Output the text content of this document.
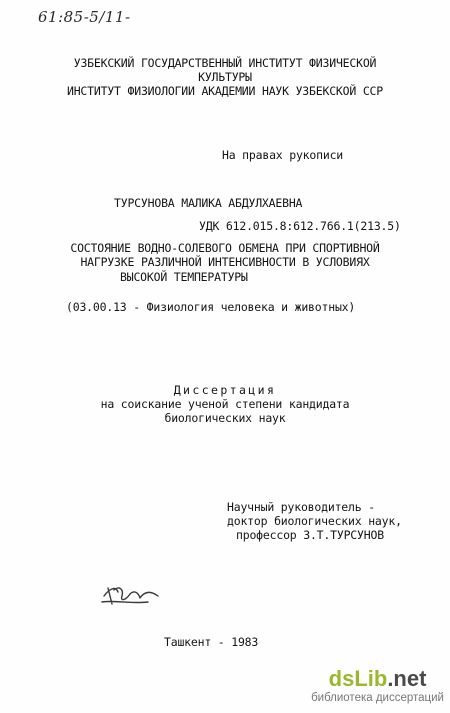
61:85-5/11-
УЗБЕКСКИЙ ГОСУДАРСТВЕННЫЙ ИНСТИТУТ ФИЗИЧЕСКОЙ
КУЛЬТУРЫ
ИНСТИТУТ ФИЗИОЛОГИИ АКАДЕМИИ НАУК УЗБЕКСКОЙ ССР
На правах рукописи
ТУРСУНОВА МАЛИКА АБДУЛХАЕВНА
УДК 612.015.8:612.766.1(213.5)
СОСТОЯНИЕ ВОДНО-СОЛЕВОГО ОБМЕНА ПРИ СПОРТИВНОЙ
НАГРУЗКЕ РАЗЛИЧНОЙ ИНТЕНСИВНОСТИ В УСЛОВИЯХ
ВЫСОКОЙ ТЕМПЕРАТУРЫ
(03.00.13 - Физиология человека и животных)
Диссертация
на соискание ученой степени кандидата
биологических наук
Научный руководитель -
доктор биологических наук,
профессор З.Т.ТУРСУНОВ
Ташкент - 1983
dsLib.net
библиотека диссертаций
